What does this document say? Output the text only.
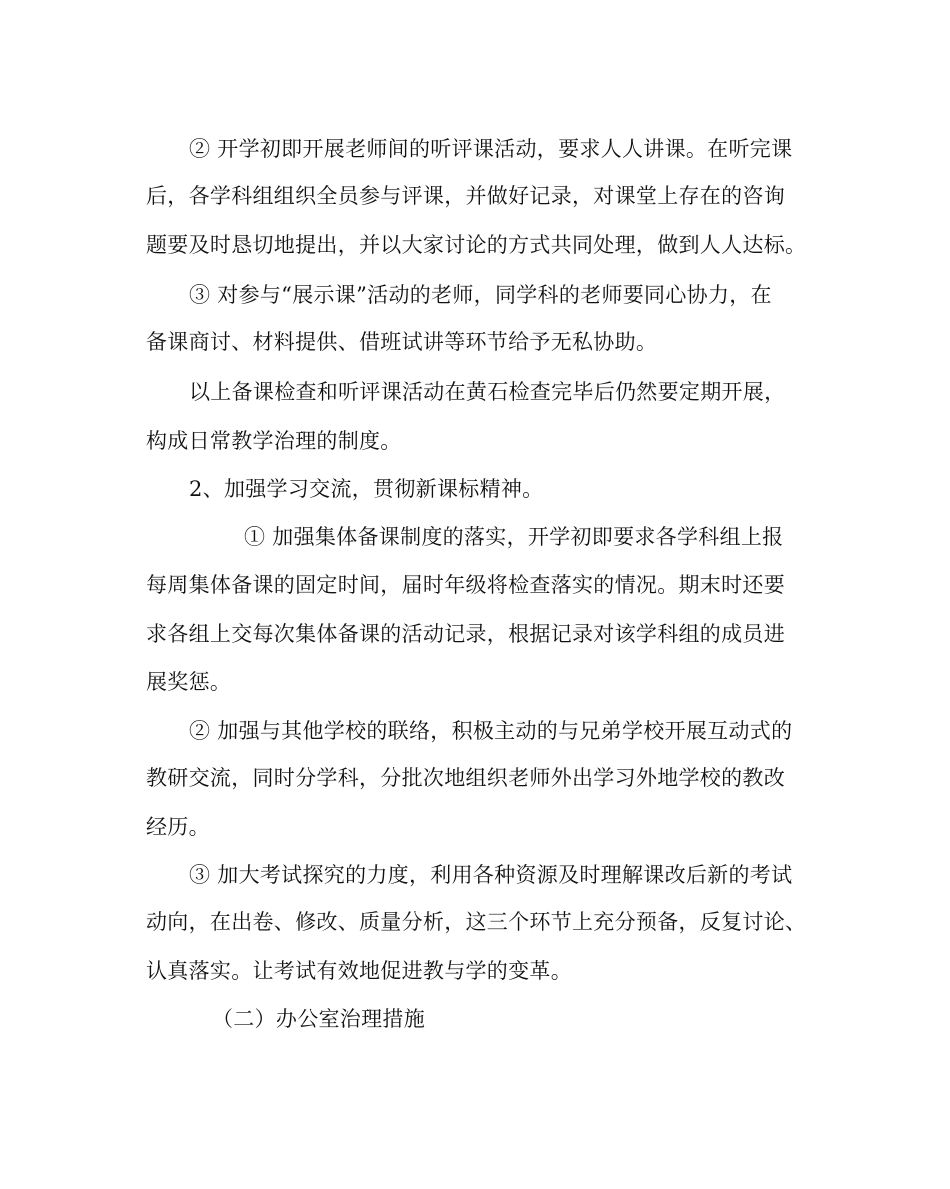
② 开学初即开展老师间的听评课活动，要求人人讲课。在听完课
后，各学科组组织全员参与评课，并做好记录，对课堂上存在的咨询
题要及时恳切地提出，并以大家讨论的方式共同处理，做到人人达标。
③ 对参与“展示课”活动的老师，同学科的老师要同心协力，在
备课商讨、材料提供、借班试讲等环节给予无私协助。
以上备课检查和听评课活动在黄石检查完毕后仍然要定期开展，
构成日常教学治理的制度。
2、加强学习交流，贯彻新课标精神。
① 加强集体备课制度的落实，开学初即要求各学科组上报
每周集体备课的固定时间，届时年级将检查落实的情况。期末时还要
求各组上交每次集体备课的活动记录，根据记录对该学科组的成员进
展奖惩。
② 加强与其他学校的联络，积极主动的与兄弟学校开展互动式的
教研交流，同时分学科，分批次地组织老师外出学习外地学校的教改
经历。
③ 加大考试探究的力度，利用各种资源及时理解课改后新的考试
动向，在出卷、修改、质量分析，这三个环节上充分预备，反复讨论、
认真落实。让考试有效地促进教与学的变革。
（二）办公室治理措施
